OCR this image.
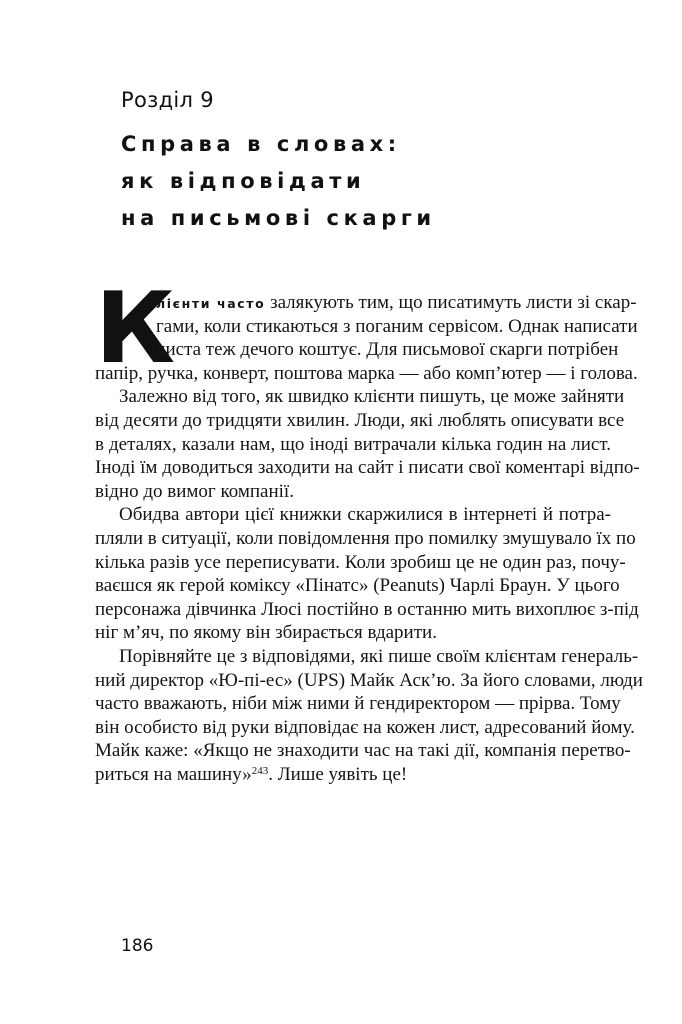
Розділ 9
Справа в словах:
як відповідати
на письмові скарги
К
лієнти часто залякують тим, що писатимуть листи зі скар-
гами, коли стикаються з поганим сервісом. Однак написати
листа теж дечого коштує. Для письмової скарги потрібен
папір, ручка, конверт, поштова марка — або комп’ютер — і голова.
Залежно від того, як швидко клієнти пишуть, це може зайняти
від десяти до тридцяти хвилин. Люди, які люблять описувати все
в деталях, казали нам, що іноді витрачали кілька годин на лист.
Іноді їм доводиться заходити на сайт і писати свої коментарі відпо-
відно до вимог компанії.
Обидва автори цієї книжки скаржилися в інтернеті й потра-
пляли в ситуації, коли повідомлення про помилку змушувало їх по
кілька разів усе переписувати. Коли зробиш це не один раз, почу-
ваєшся як герой коміксу «Пінатс» (Peanuts) Чарлі Браун. У цього
персонажа дівчинка Люсі постійно в останню мить вихоплює з-під
ніг м’яч, по якому він збирається вдарити.
Порівняйте це з відповідями, які пише своїм клієнтам генераль-
ний директор «Ю-пі-ес» (UPS) Майк Аск’ю. За його словами, люди
часто вважають, ніби між ними й гендиректором — прірва. Тому
він особисто від руки відповідає на кожен лист, адресований йому.
Майк каже: «Якщо не знаходити час на такі дії, компанія перетво-
риться на машину»$^{243}$. Лише уявіть це!
186
